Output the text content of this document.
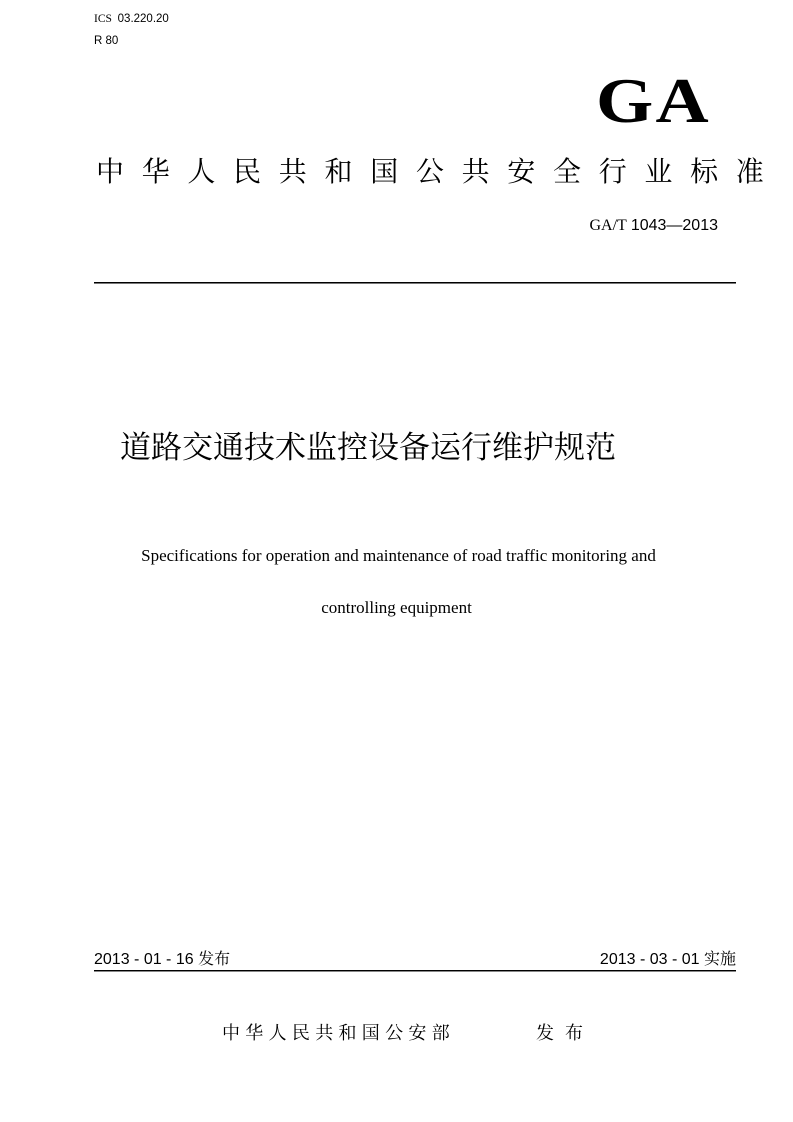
ICS 03.220.20
R 80
GA
中华人民共和国公共安全行业标准
GA/T 1043—2013
道路交通技术监控设备运行维护规范
Specifications for operation and maintenance of road traffic monitoring and
controlling equipment
2013 - 01 - 16 发布	2013 - 03 - 01 实施
中华人民共和国公安部	发布
